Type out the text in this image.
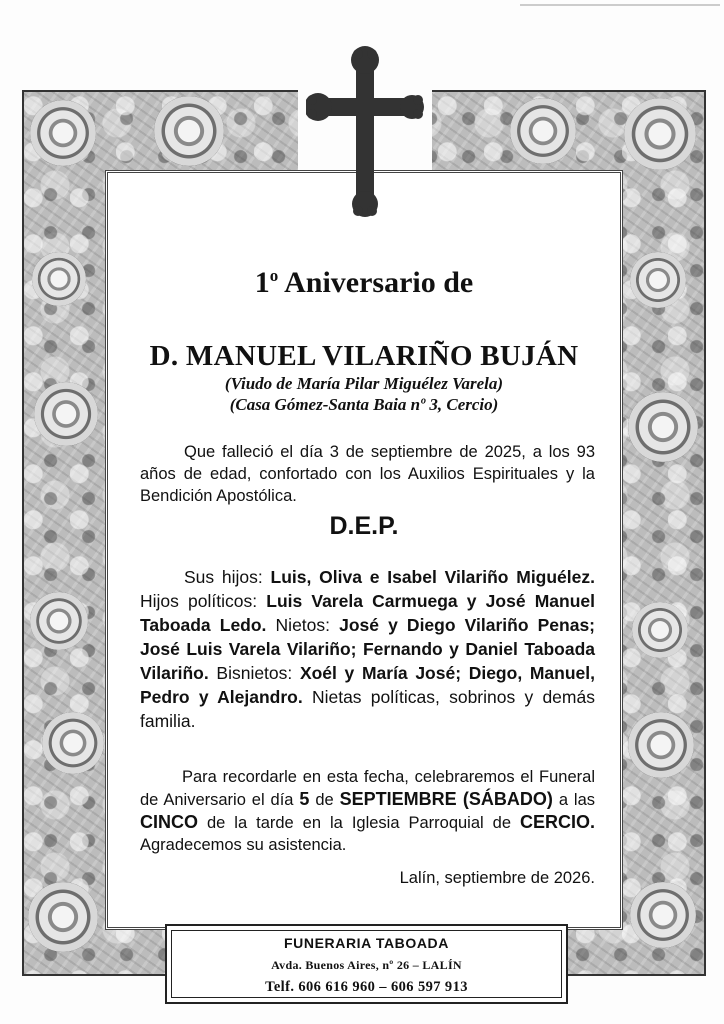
1$^o$ Aniversario de
D. MANUEL VILARIÑO BUJÁN
(Viudo de María Pilar Miguélez Varela)
(Casa Gómez-Santa Baia nº 3, Cercio)
Que falleció el día 3 de septiembre de 2025, a los 93 años de edad, confortado con los Auxilios Espirituales y la Bendición Apostólica.
D.E.P.
Sus hijos: Luis, Oliva e Isabel Vilariño Miguélez. Hijos políticos: Luis Varela Carmuega y José Manuel Taboada Ledo. Nietos: José y Diego Vilariño Penas; José Luis Varela Vilariño; Fernando y Daniel Taboada Vilariño. Bisnietos: Xoél y María José; Diego, Manuel, Pedro y Alejandro. Nietas políticas, sobrinos y demás familia.
Para recordarle en esta fecha, celebraremos el Funeral de Aniversario el día 5 de SEPTIEMBRE (SÁBADO) a las CINCO de la tarde en la Iglesia Parroquial de CERCIO. Agradecemos su asistencia.
Lalín, septiembre de 2026.
FUNERARIA TABOADA
Avda. Buenos Aires, nº 26 – LALÍN
Telf. 606 616 960 – 606 597 913
